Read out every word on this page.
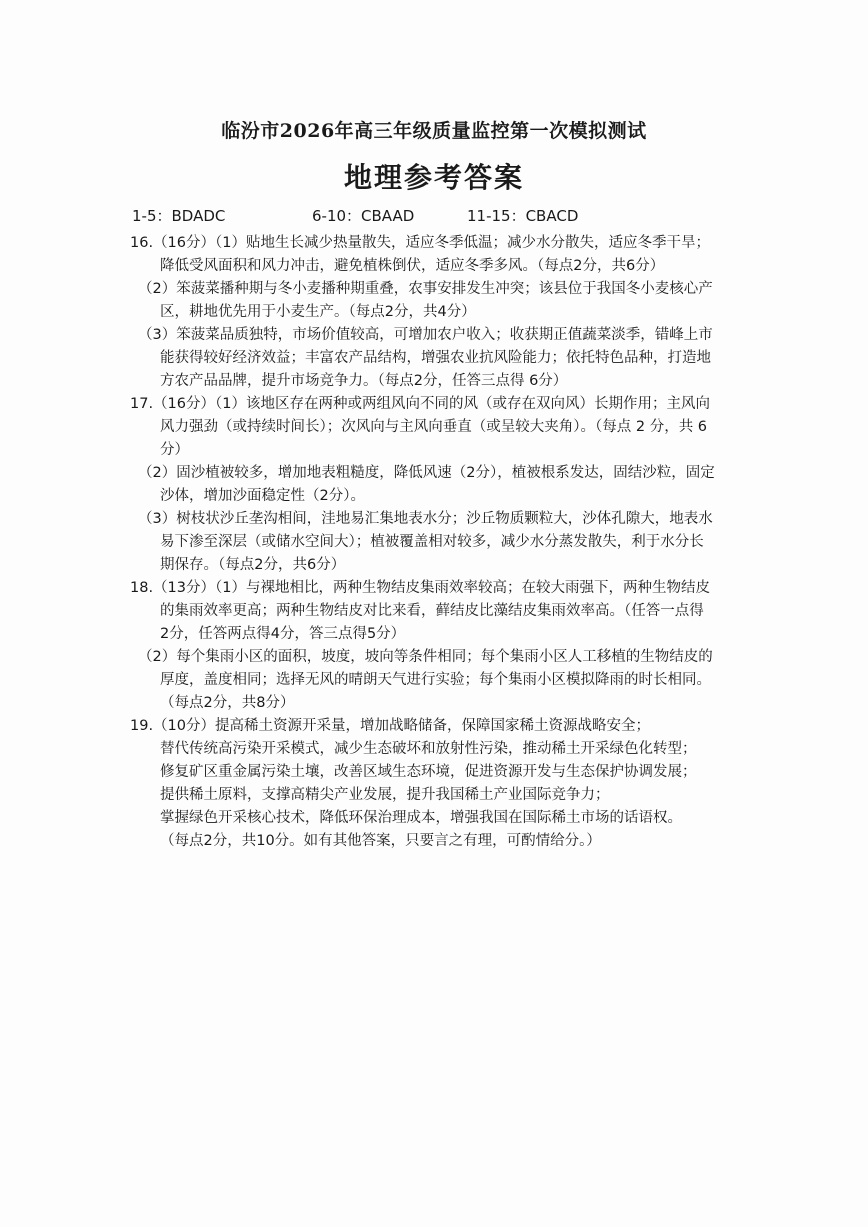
临汾市2026年高三年级质量监控第一次模拟测试
地理参考答案
1-5：BDADC	6-10：CBAAD	11-15：CBACD
16.（16分）（1）贴地生长减少热量散失，适应冬季低温；减少水分散失，适应冬季干旱；
降低受风面积和风力冲击，避免植株倒伏，适应冬季多风。（每点2分，共6分）
（2）笨菠菜播种期与冬小麦播种期重叠，农事安排发生冲突；该县位于我国冬小麦核心产
区，耕地优先用于小麦生产。（每点2分，共4分）
（3）笨菠菜品质独特，市场价值较高，可增加农户收入；收获期正值蔬菜淡季，错峰上市
能获得较好经济效益；丰富农产品结构，增强农业抗风险能力；依托特色品种，打造地
方农产品品牌，提升市场竞争力。（每点2分，任答三点得 6分）
17.（16分）（1）该地区存在两种或两组风向不同的风（或存在双向风）长期作用；主风向
风力强劲（或持续时间长）；次风向与主风向垂直（或呈较大夹角）。（每点 2 分，共 6
分）
（2）固沙植被较多，增加地表粗糙度，降低风速（2分），植被根系发达，固结沙粒，固定
沙体，增加沙面稳定性（2分）。
（3）树枝状沙丘垄沟相间，洼地易汇集地表水分；沙丘物质颗粒大，沙体孔隙大，地表水
易下渗至深层（或储水空间大）；植被覆盖相对较多，减少水分蒸发散失，利于水分长
期保存。（每点2分，共6分）
18.（13分）（1）与裸地相比，两种生物结皮集雨效率较高；在较大雨强下，两种生物结皮
的集雨效率更高；两种生物结皮对比来看，藓结皮比藻结皮集雨效率高。（任答一点得
2分，任答两点得4分，答三点得5分）
（2）每个集雨小区的面积，坡度，坡向等条件相同；每个集雨小区人工移植的生物结皮的
厚度，盖度相同；选择无风的晴朗天气进行实验；每个集雨小区模拟降雨的时长相同。
（每点2分，共8分）
19.（10分）提高稀土资源开采量，增加战略储备，保障国家稀土资源战略安全；
替代传统高污染开采模式，减少生态破坏和放射性污染，推动稀土开采绿色化转型；
修复矿区重金属污染土壤，改善区域生态环境，促进资源开发与生态保护协调发展；
提供稀土原料，支撑高精尖产业发展，提升我国稀土产业国际竞争力；
掌握绿色开采核心技术，降低环保治理成本，增强我国在国际稀土市场的话语权。
（每点2分，共10分。如有其他答案，只要言之有理，可酌情给分。）
